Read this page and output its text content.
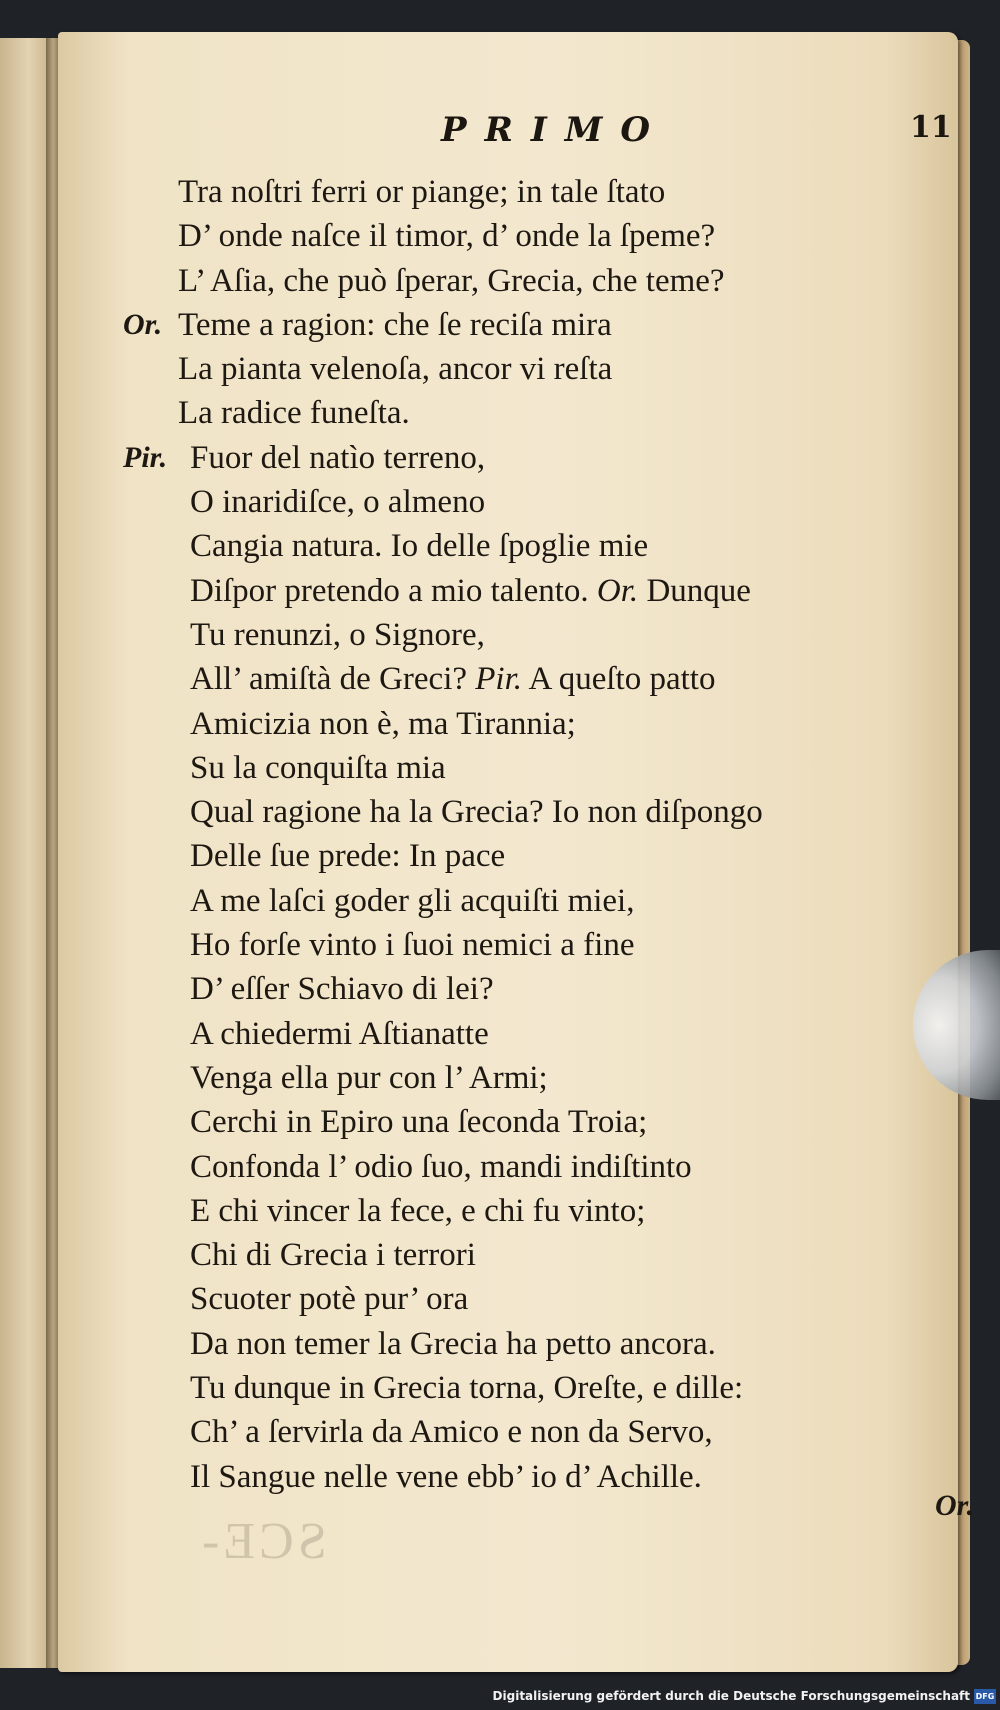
PRIMO	11
Tra noſtri ferri or piange; in tale ſtato
D’ onde naſce il timor, d’ onde la ſpeme?
L’ Aſia, che può ſperar, Grecia, che teme?
Or. Teme a ragion: che ſe reciſa mira
La pianta velenoſa, ancor vi reſta
La radice funeſta.
Pir. Fuor del natìo terreno,
O inaridiſce, o almeno
Cangia natura. Io delle ſpoglie mie
Diſpor pretendo a mio talento. Or. Dunque
Tu renunzi, o Signore,
All’ amiſtà de Greci? Pir. A queſto patto
Amicizia non è, ma Tirannia;
Su la conquiſta mia
Qual ragione ha la Grecia? Io non diſpongo
Delle ſue prede: In pace
A me laſci goder gli acquiſti miei,
Ho forſe vinto i ſuoi nemici a fine
D’ eſſer Schiavo di lei?
A chiedermi Aſtianatte
Venga ella pur con l’ Armi;
Cerchi in Epiro una ſeconda Troia;
Confonda l’ odio ſuo, mandi indiſtinto
E chi vincer la fece, e chi fu vinto;
Chi di Grecia i terrori
Scuoter potè pur’ ora
Da non temer la Grecia ha petto ancora.
Tu dunque in Grecia torna, Oreſte, e dille:
Ch’ a ſervirla da Amico e non da Servo,
Il Sangue nelle vene ebb’ io d’ Achille.
Or.
SCE-
Digitalisierung gefördert durch die Deutsche Forschungsgemeinschaft DFG
